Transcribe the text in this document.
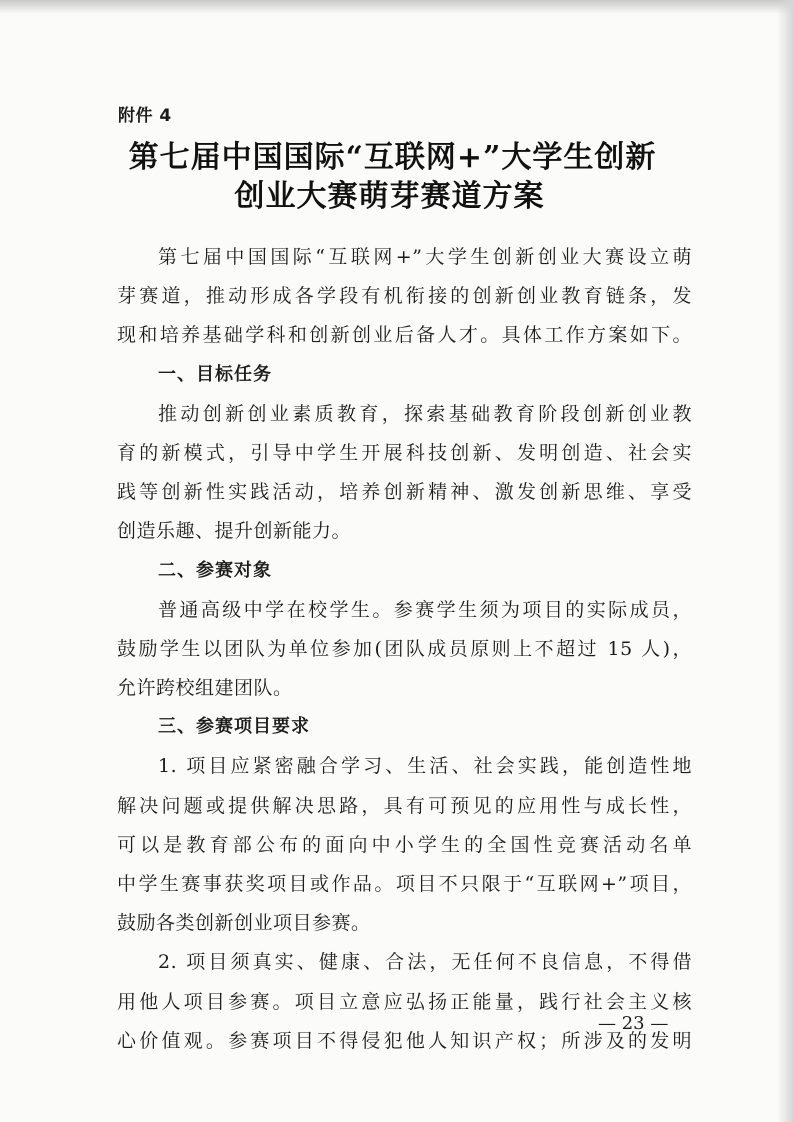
附件 4
第七届中国国际“互联网+”大学生创新
创业大赛萌芽赛道方案
第七届中国国际“互联网+”大学生创新创业大赛设立萌
芽赛道，推动形成各学段有机衔接的创新创业教育链条，发
现和培养基础学科和创新创业后备人才。具体工作方案如下。
一、目标任务
推动创新创业素质教育，探索基础教育阶段创新创业教
育的新模式，引导中学生开展科技创新、发明创造、社会实
践等创新性实践活动，培养创新精神、激发创新思维、享受
创造乐趣、提升创新能力。
二、参赛对象
普通高级中学在校学生。参赛学生须为项目的实际成员，
鼓励学生以团队为单位参加(团队成员原则上不超过 15 人)，
允许跨校组建团队。
三、参赛项目要求
1. 项目应紧密融合学习、生活、社会实践，能创造性地
解决问题或提供解决思路，具有可预见的应用性与成长性，
可以是教育部公布的面向中小学生的全国性竞赛活动名单
中学生赛事获奖项目或作品。项目不只限于“互联网+”项目，
鼓励各类创新创业项目参赛。
2. 项目须真实、健康、合法，无任何不良信息，不得借
用他人项目参赛。项目立意应弘扬正能量，践行社会主义核
心价值观。参赛项目不得侵犯他人知识产权；所涉及的发明
— 23 —
